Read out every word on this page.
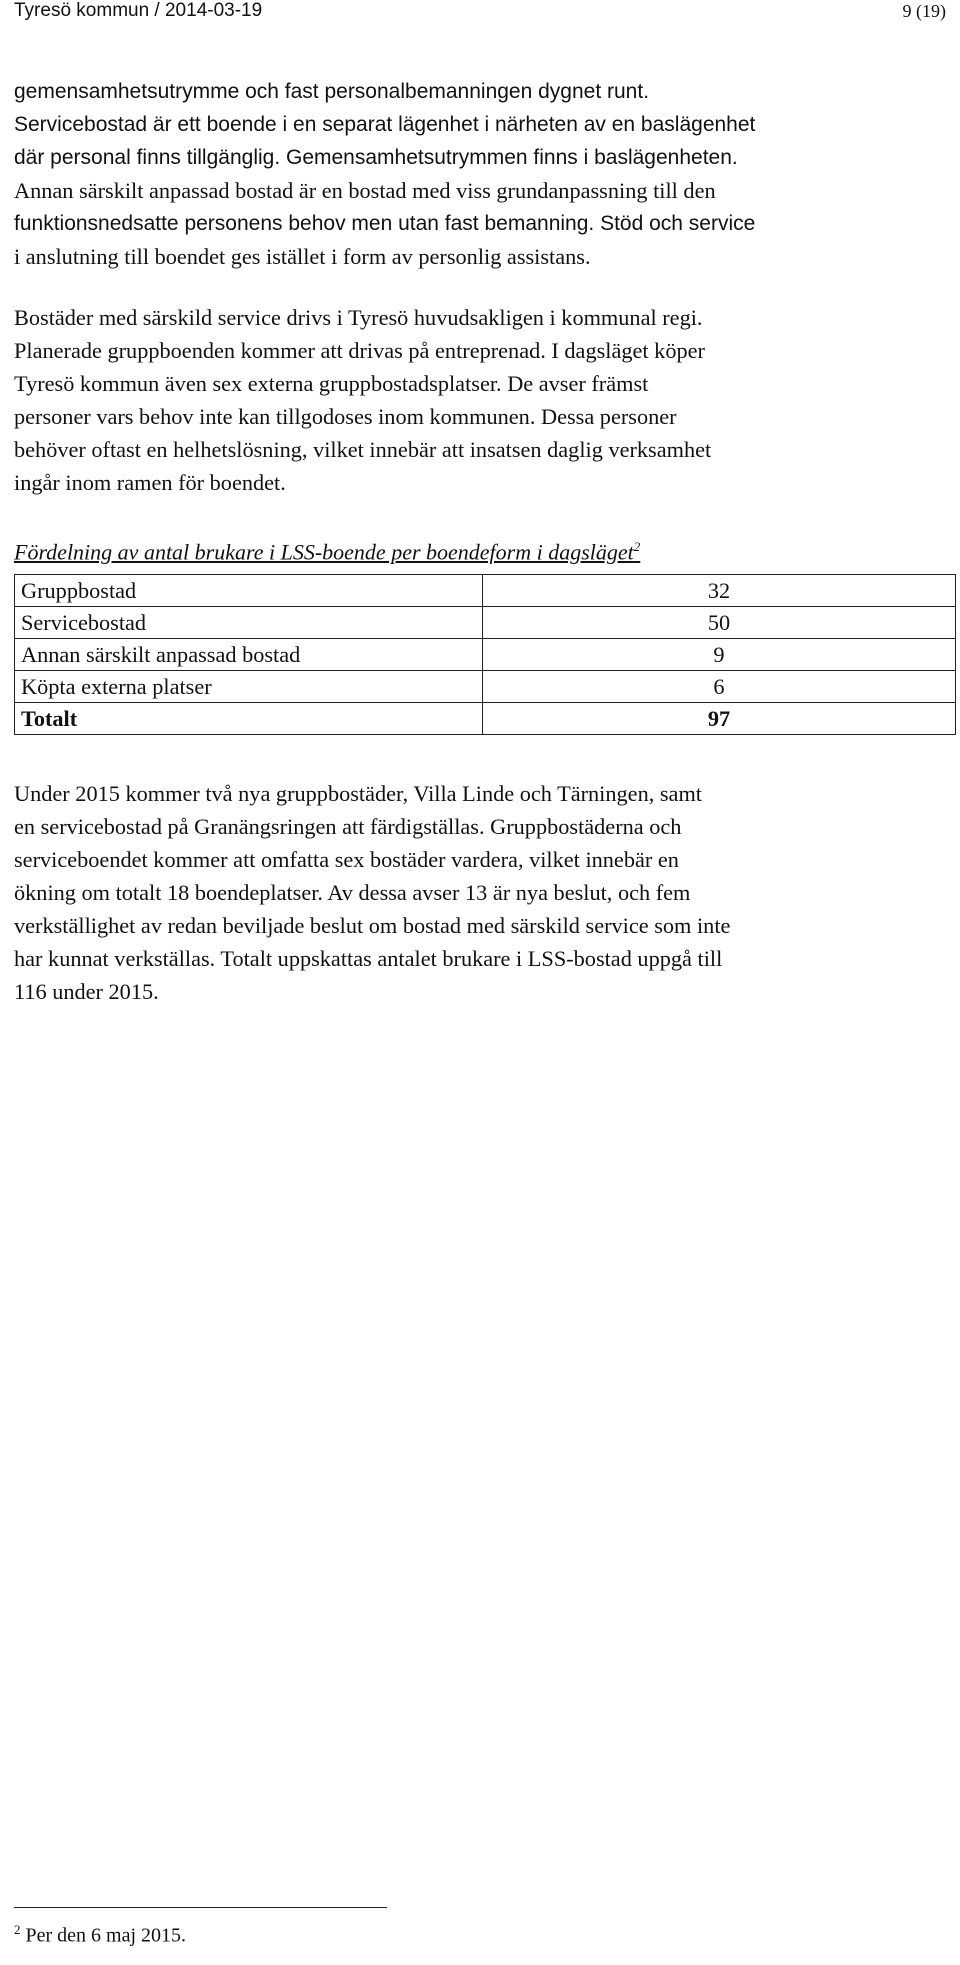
Tyresö kommun / 2014-03-19	9 (19)

gemensamhetsutrymme och fast personalbemanningen dygnet runt.
Servicebostad är ett boende i en separat lägenhet i närheten av en baslägenhet
där personal finns tillgänglig. Gemensamhetsutrymmen finns i baslägenheten.
Annan särskilt anpassad bostad är en bostad med viss grundanpassning till den
funktionsnedsatte personens behov men utan fast bemanning. Stöd och service
i anslutning till boendet ges istället i form av personlig assistans.

Bostäder med särskild service drivs i Tyresö huvudsakligen i kommunal regi.
Planerade gruppboenden kommer att drivas på entreprenad. I dagsläget köper
Tyresö kommun även sex externa gruppbostadsplatser. De avser främst
personer vars behov inte kan tillgodoses inom kommunen. Dessa personer
behöver oftast en helhetslösning, vilket innebär att insatsen daglig verksamhet
ingår inom ramen för boendet.

Fördelning av antal brukare i LSS-boende per boendeform i dagsläget$^2$
Gruppbostad	32
Servicebostad	50
Annan särskilt anpassad bostad	9
Köpta externa platser	6
Totalt	97

Under 2015 kommer två nya gruppbostäder, Villa Linde och Tärningen, samt
en servicebostad på Granängsringen att färdigställas. Gruppbostäderna och
serviceboendet kommer att omfatta sex bostäder vardera, vilket innebär en
ökning om totalt 18 boendeplatser. Av dessa avser 13 är nya beslut, och fem
verkställighet av redan beviljade beslut om bostad med särskild service som inte
har kunnat verkställas. Totalt uppskattas antalet brukare i LSS-bostad uppgå till
116 under 2015.

$^2$ Per den 6 maj 2015.
